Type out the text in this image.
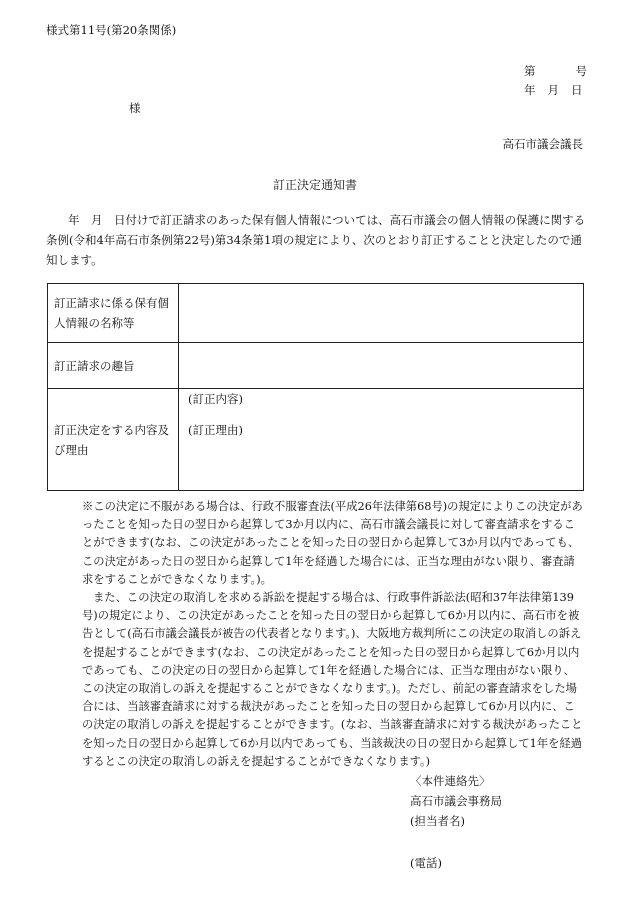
様式第11号(第20条関係)
第	号
年 月 日
様
高石市議会議長
訂正決定通知書
年　月　日付けで訂正請求のあった保有個人情報については、高石市議会の個人情報の保護に関する条例(令和4年高石市条例第22号)第34条第1項の規定により、次のとおり訂正することと決定したので通知します。
訂正請求に係る保有個人情報の名称等	
訂正請求の趣旨	
訂正決定をする内容及び理由	(訂正内容)
(訂正理由)

※この決定に不服がある場合は、行政不服審査法(平成26年法律第68号)の規定によりこの決定があったことを知った日の翌日から起算して3か月以内に、高石市議会議長に対して審査請求をすることができます(なお、この決定があったことを知った日の翌日から起算して3か月以内であっても、この決定があった日の翌日から起算して1年を経過した場合には、正当な理由がない限り、審査請求をすることができなくなります。)。

また、この決定の取消しを求める訴訟を提起する場合は、行政事件訴訟法(昭和37年法律第139号)の規定により、この決定があったことを知った日の翌日から起算して6か月以内に、高石市を被告として(高石市議会議長が被告の代表者となります。)、大阪地方裁判所にこの決定の取消しの訴えを提起することができます(なお、この決定があったことを知った日の翌日から起算して6か月以内であっても、この決定の日の翌日から起算して1年を経過した場合には、正当な理由がない限り、この決定の取消しの訴えを提起することができなくなります。)。ただし、前記の審査請求をした場合には、当該審査請求に対する裁決があったことを知った日の翌日から起算して6か月以内に、この決定の取消しの訴えを提起することができます。(なお、当該審査請求に対する裁決があったことを知った日の翌日から起算して6か月以内であっても、当該裁決の日の翌日から起算して1年を経過するとこの決定の取消しの訴えを提起することができなくなります。)

〈本件連絡先〉
高石市議会事務局
(担当者名)
(電話)
